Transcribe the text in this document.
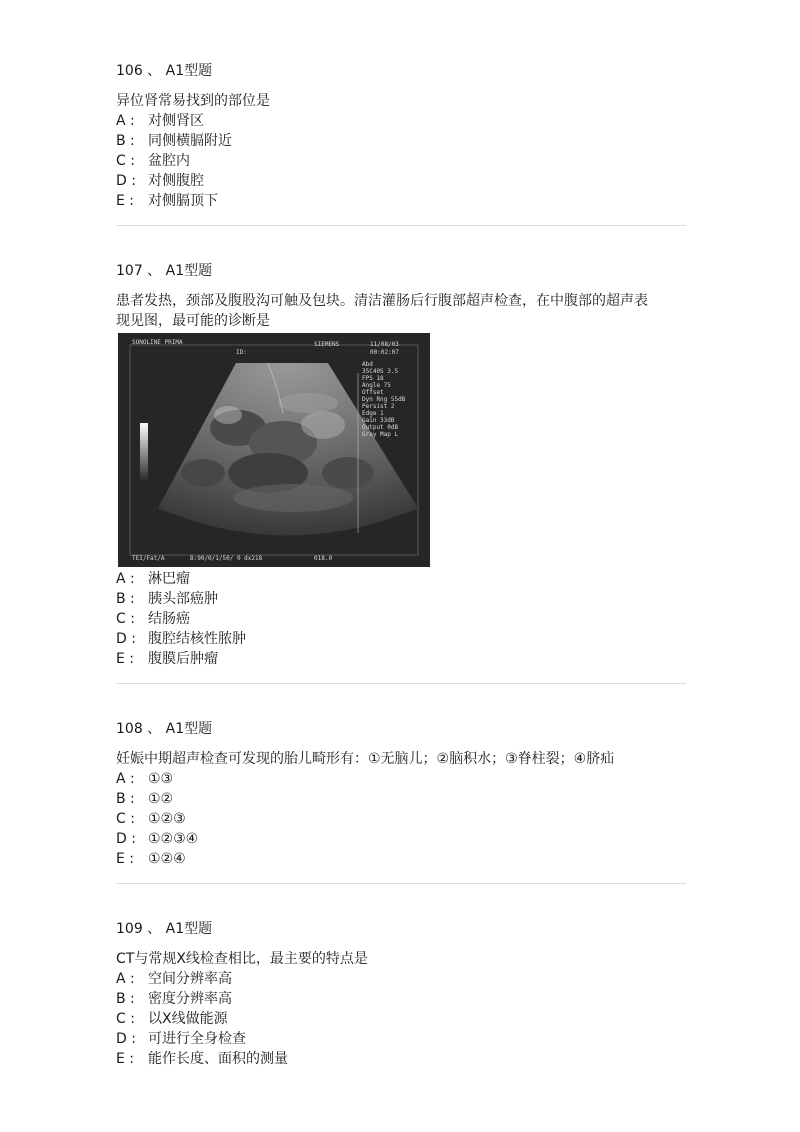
106 、 A1型题
异位肾常易找到的部位是
A : 对侧肾区
B : 同侧横膈附近
C : 盆腔内
D : 对侧腹腔
E : 对侧膈顶下
107 、 A1型题
患者发热，颈部及腹股沟可触及包块。清洁灌肠后行腹部超声检查，在中腹部的超声表
现见图，最可能的诊断是
SONOLINE PRIMA
ID:
SIEMENS	11/08/03
00:02:07
Abd
35C40S 3.5
FPS 18
Angle 75
Offset
Dyn Rng 55dB
Persist 2
Edge 1
Gain 33dB
Output 0dB
Gray Map L
TEI/Fat/A	B:90/0/1/50/ 0 dx218	018.0
A : 淋巴瘤
B : 胰头部癌肿
C : 结肠癌
D : 腹腔结核性脓肿
E : 腹膜后肿瘤
108 、 A1型题
妊娠中期超声检查可发现的胎儿畸形有：①无脑儿；②脑积水；③脊柱裂；④脐疝
A : ①③
B : ①②
C : ①②③
D : ①②③④
E : ①②④
109 、 A1型题
CT与常规X线检查相比，最主要的特点是
A : 空间分辨率高
B : 密度分辨率高
C : 以X线做能源
D : 可进行全身检查
E : 能作长度、面积的测量
